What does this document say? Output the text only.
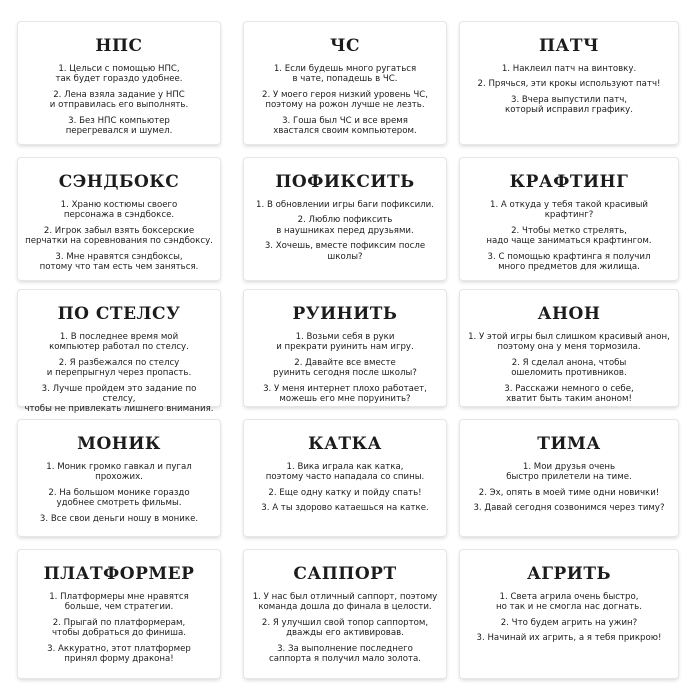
НПС
1. Цельси с помощью НПС,
так будет гораздо удобнее.
2. Лена взяла задание у НПС
и отправилась его выполнять.
3. Без НПС компьютер
перегревался и шумел.
ЧС
1. Если будешь много ругаться
в чате, попадешь в ЧС.
2. У моего героя низкий уровень ЧС,
поэтому на рожон лучше не лезть.
3. Гоша был ЧС и все время
хвастался своим компьютером.
ПАТЧ
1. Наклеил патч на винтовку.
2. Прячься, эти крокы используют патч!
3. Вчера выпустили патч,
который исправил графику.
СЭНДБОКС
1. Храню костюмы своего
персонажа в сэндбоксе.
2. Игрок забыл взять боксерские
перчатки на соревнования по сэндбоксу.
3. Мне нравятся сэндбоксы,
потому что там есть чем заняться.
ПОФИКСИТЬ
1. В обновлении игры баги пофиксили.
2. Люблю пофиксить
в наушниках перед друзьями.
3. Хочешь, вместе пофиксим после школы?
КРАФТИНГ
1. А откуда у тебя такой красивый крафтинг?
2. Чтобы метко стрелять,
надо чаще заниматься крафтингом.
3. С помощью крафтинга я получил
много предметов для жилища.
ПО СТЕЛСУ
1. В последнее время мой
компьютер работал по стелсу.
2. Я разбежался по стелсу
и перепрыгнул через пропасть.
3. Лучше пройдем это задание по стелсу,
чтобы не привлекать лишнего внимания.
РУИНИТЬ
1. Возьми себя в руки
и прекрати руинить нам игру.
2. Давайте все вместе
руинить сегодня после школы?
3. У меня интернет плохо работает,
можешь его мне поруинить?
АНОН
1. У этой игры был слишком красивый анон,
поэтому она у меня тормозила.
2. Я сделал анона, чтобы
ошеломить противников.
3. Расскажи немного о себе,
хватит быть таким аноном!
МОНИК
1. Моник громко гавкал и пугал прохожих.
2. На большом монике гораздо
удобнее смотреть фильмы.
3. Все свои деньги ношу в монике.
КАТКА
1. Вика играла как катка,
поэтому часто нападала со спины.
2. Еще одну катку и пойду спать!
3. А ты здорово катаешься на катке.
ТИМА
1. Мои друзья очень
быстро прилетели на тиме.
2. Эх, опять в моей тиме одни новички!
3. Давай сегодня созвонимся через тиму?
ПЛАТФОРМЕР
1. Платформеры мне нравятся
больше, чем стратегии.
2. Прыгай по платформерам,
чтобы добраться до финиша.
3. Аккуратно, этот платформер
принял форму дракона!
САППОРТ
1. У нас был отличный саппорт, поэтому
команда дошла до финала в целости.
2. Я улучшил свой топор саппортом,
дважды его активировав.
3. За выполнение последнего
саппорта я получил мало золота.
АГРИТЬ
1. Света агрила очень быстро,
но так и не смогла нас догнать.
2. Что будем агрить на ужин?
3. Начинай их агрить, а я тебя прикрою!
